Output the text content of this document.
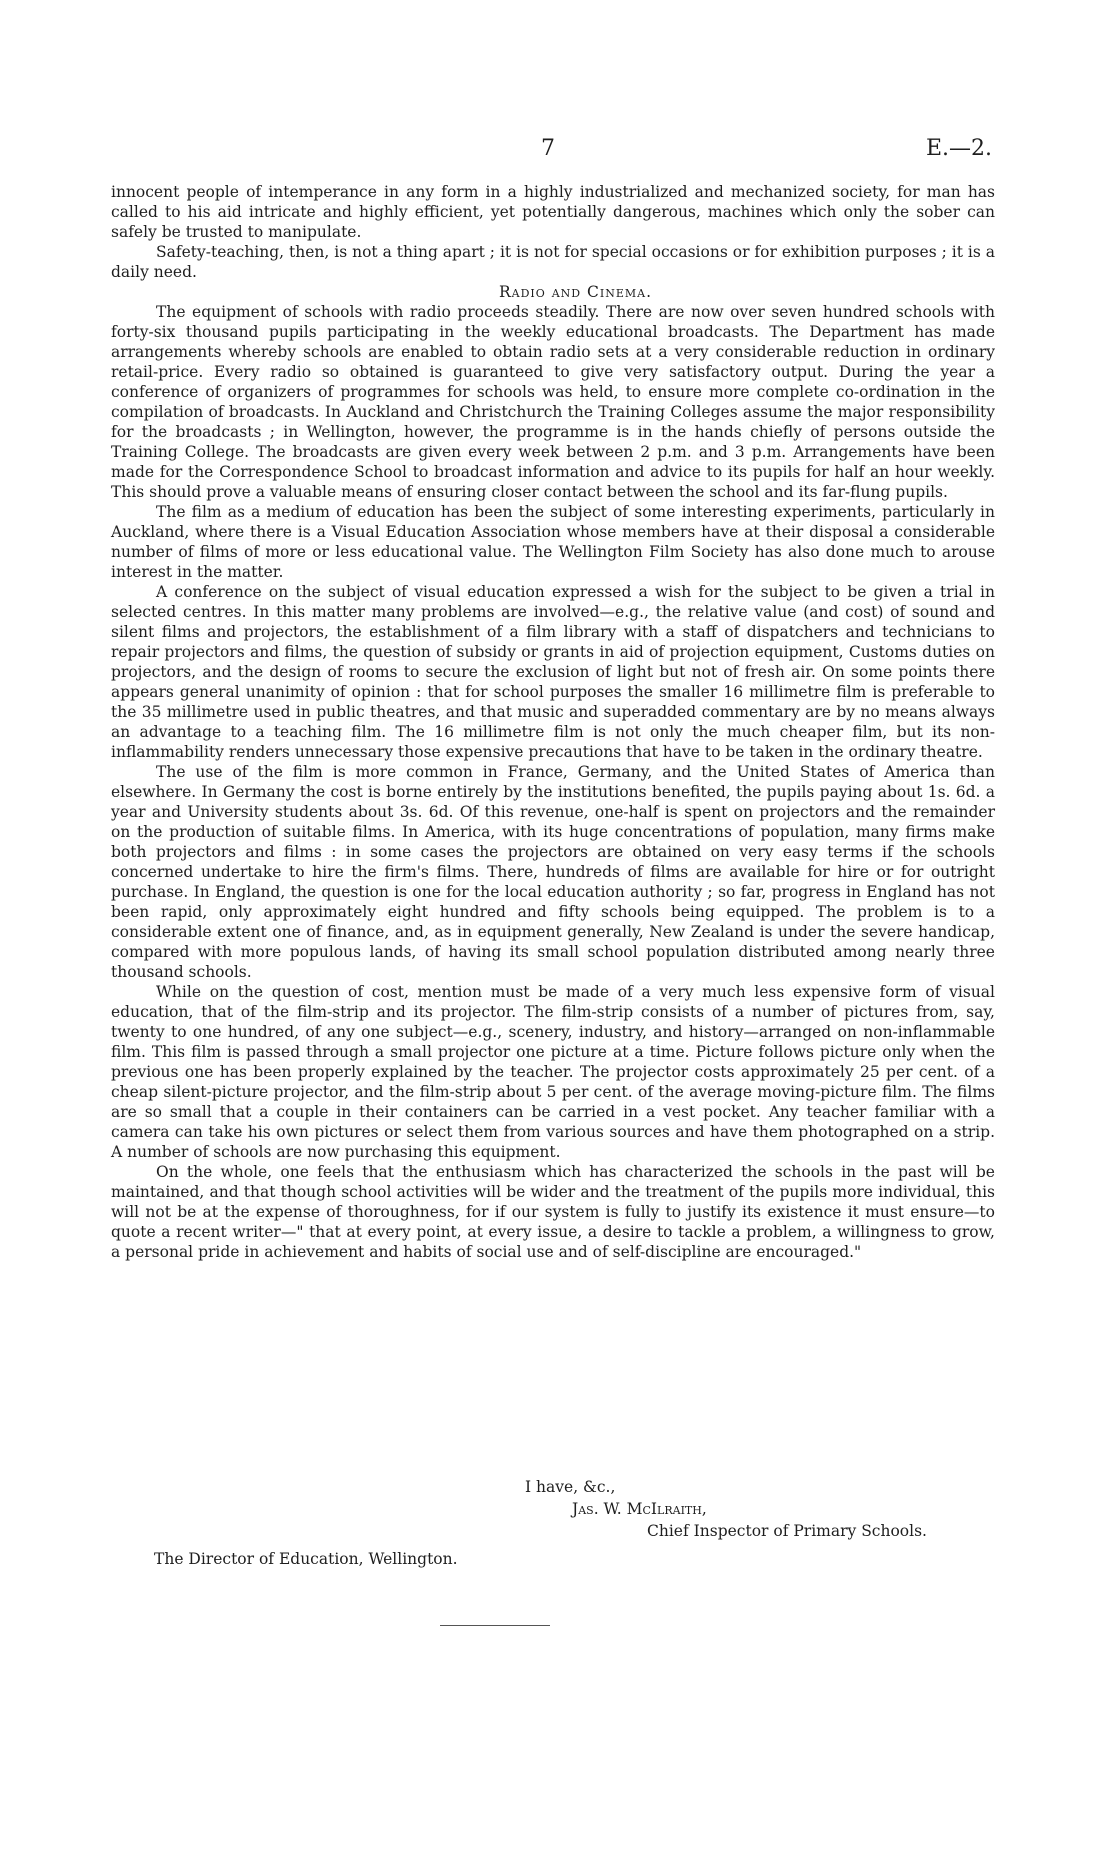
7	E.—2.

innocent people of intemperance in any form in a highly industrialized and mechanized society, for man has called to his aid intricate and highly efficient, yet potentially dangerous, machines which only the sober can safely be trusted to manipulate.

Safety-teaching, then, is not a thing apart ; it is not for special occasions or for exhibition purposes ; it is a daily need.

Radio and Cinema.

The equipment of schools with radio proceeds steadily. There are now over seven hundred schools with forty-six thousand pupils participating in the weekly educational broadcasts. The Department has made arrangements whereby schools are enabled to obtain radio sets at a very considerable reduction in ordinary retail-price. Every radio so obtained is guaranteed to give very satisfactory output. During the year a conference of organizers of programmes for schools was held, to ensure more complete co-ordination in the compilation of broadcasts. In Auckland and Christchurch the Training Colleges assume the major responsibility for the broadcasts ; in Wellington, however, the programme is in the hands chiefly of persons outside the Training College. The broadcasts are given every week between 2 p.m. and 3 p.m. Arrangements have been made for the Correspondence School to broadcast information and advice to its pupils for half an hour weekly. This should prove a valuable means of ensuring closer contact between the school and its far-flung pupils.

The film as a medium of education has been the subject of some interesting experiments, particularly in Auckland, where there is a Visual Education Association whose members have at their disposal a considerable number of films of more or less educational value. The Wellington Film Society has also done much to arouse interest in the matter.

A conference on the subject of visual education expressed a wish for the subject to be given a trial in selected centres. In this matter many problems are involved—e.g., the relative value (and cost) of sound and silent films and projectors, the establishment of a film library with a staff of dispatchers and technicians to repair projectors and films, the question of subsidy or grants in aid of projection equipment, Customs duties on projectors, and the design of rooms to secure the exclusion of light but not of fresh air. On some points there appears general unanimity of opinion : that for school purposes the smaller 16 millimetre film is preferable to the 35 millimetre used in public theatres, and that music and superadded commentary are by no means always an advantage to a teaching film. The 16 millimetre film is not only the much cheaper film, but its non-inflammability renders unnecessary those expensive precautions that have to be taken in the ordinary theatre.

The use of the film is more common in France, Germany, and the United States of America than elsewhere. In Germany the cost is borne entirely by the institutions benefited, the pupils paying about 1s. 6d. a year and University students about 3s. 6d. Of this revenue, one-half is spent on projectors and the remainder on the production of suitable films. In America, with its huge concentrations of population, many firms make both projectors and films : in some cases the projectors are obtained on very easy terms if the schools concerned undertake to hire the firm's films. There, hundreds of films are available for hire or for outright purchase. In England, the question is one for the local education authority ; so far, progress in England has not been rapid, only approximately eight hundred and fifty schools being equipped. The problem is to a considerable extent one of finance, and, as in equipment generally, New Zealand is under the severe handicap, compared with more populous lands, of having its small school population distributed among nearly three thousand schools.

While on the question of cost, mention must be made of a very much less expensive form of visual education, that of the film-strip and its projector. The film-strip consists of a number of pictures from, say, twenty to one hundred, of any one subject—e.g., scenery, industry, and history—arranged on non-inflammable film. This film is passed through a small projector one picture at a time. Picture follows picture only when the previous one has been properly explained by the teacher. The projector costs approximately 25 per cent. of a cheap silent-picture projector, and the film-strip about 5 per cent. of the average moving-picture film. The films are so small that a couple in their containers can be carried in a vest pocket. Any teacher familiar with a camera can take his own pictures or select them from various sources and have them photographed on a strip. A number of schools are now purchasing this equipment.

On the whole, one feels that the enthusiasm which has characterized the schools in the past will be maintained, and that though school activities will be wider and the treatment of the pupils more individual, this will not be at the expense of thoroughness, for if our system is fully to justify its existence it must ensure—to quote a recent writer—" that at every point, at every issue, a desire to tackle a problem, a willingness to grow, a personal pride in achievement and habits of social use and of self-discipline are encouraged."

I have, &c.,
Jas. W. McIlraith,
Chief Inspector of Primary Schools.
The Director of Education, Wellington.
